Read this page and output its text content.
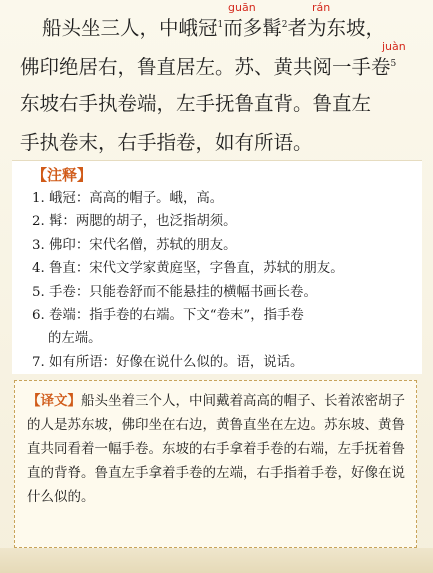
guān	rán
船头坐三人，中峨冠$^1$而多髯$^2$者为东坡，
juàn
佛印绝居右，鲁直居左。苏、黄共阅一手卷$^5$
东坡右手执卷端，左手抚鲁直背。鲁直左
手执卷末，右手指卷，如有所语。
【注释】
1. 峨冠：高高的帽子。峨，高。
2. 髯：两腮的胡子，也泛指胡须。
3. 佛印：宋代名僧，苏轼的朋友。
4. 鲁直：宋代文学家黄庭坚，字鲁直，苏轼的朋友。
5. 手卷：只能卷舒而不能悬挂的横幅书画长卷。
6. 卷端：指手卷的右端。下文“卷末”，指手卷
的左端。
7. 如有所语：好像在说什么似的。语，说话。
【译文】船头坐着三个人，中间戴着高高的帽子、长着浓密胡子的人是苏东坡，佛印坐在右边，黄鲁直坐在左边。苏东坡、黄鲁直共同看着一幅手卷。东坡的右手拿着手卷的右端，左手抚着鲁直的背脊。鲁直左手拿着手卷的左端，右手指着手卷，好像在说什么似的。
